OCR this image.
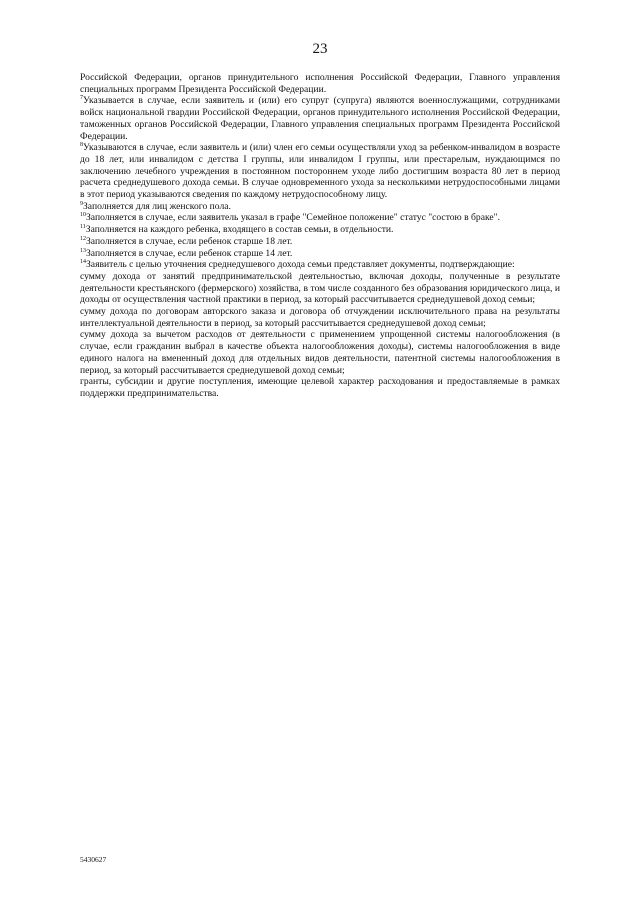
23

Российской Федерации, органов принудительного исполнения Российской Федерации, Главного управления специальных программ Президента Российской Федерации.

$^7$Указывается в случае, если заявитель и (или) его супруг (супруга) являются военнослужащими, сотрудниками войск национальной гвардии Российской Федерации, органов принудительного исполнения Российской Федерации, таможенных органов Российской Федерации, Главного управления специальных программ Президента Российской Федерации.

$^8$Указываются в случае, если заявитель и (или) член его семьи осуществляли уход за ребенком-инвалидом в возрасте до 18 лет, или инвалидом с детства I группы, или инвалидом I группы, или престарелым, нуждающимся по заключению лечебного учреждения в постоянном постороннем уходе либо достигшим возраста 80 лет в период расчета среднедушевого дохода семьи. В случае одновременного ухода за несколькими нетрудоспособными лицами в этот период указываются сведения по каждому нетрудоспособному лицу.

$^9$Заполняется для лиц женского пола.

$^{10}$Заполняется в случае, если заявитель указал в графе "Семейное положение" статус "состою в браке".

$^{11}$Заполняется на каждого ребенка, входящего в состав семьи, в отдельности.

$^{12}$Заполняется в случае, если ребенок старше 18 лет.

$^{13}$Заполняется в случае, если ребенок старше 14 лет.

$^{14}$Заявитель с целью уточнения среднедушевого дохода семьи представляет документы, подтверждающие:

сумму дохода от занятий предпринимательской деятельностью, включая доходы, полученные в результате деятельности крестьянского (фермерского) хозяйства, в том числе созданного без образования юридического лица, и доходы от осуществления частной практики в период, за который рассчитывается среднедушевой доход семьи;

сумму дохода по договорам авторского заказа и договора об отчуждении исключительного права на результаты интеллектуальной деятельности в период, за который рассчитывается среднедушевой доход семьи;

сумму дохода за вычетом расходов от деятельности с применением упрощенной системы налогообложения (в случае, если гражданин выбрал в качестве объекта налогообложения доходы), системы налогообложения в виде единого налога на вмененный доход для отдельных видов деятельности, патентной системы налогообложения в период, за который рассчитывается среднедушевой доход семьи;

гранты, субсидии и другие поступления, имеющие целевой характер расходования и предоставляемые в рамках поддержки предпринимательства.

5430627
